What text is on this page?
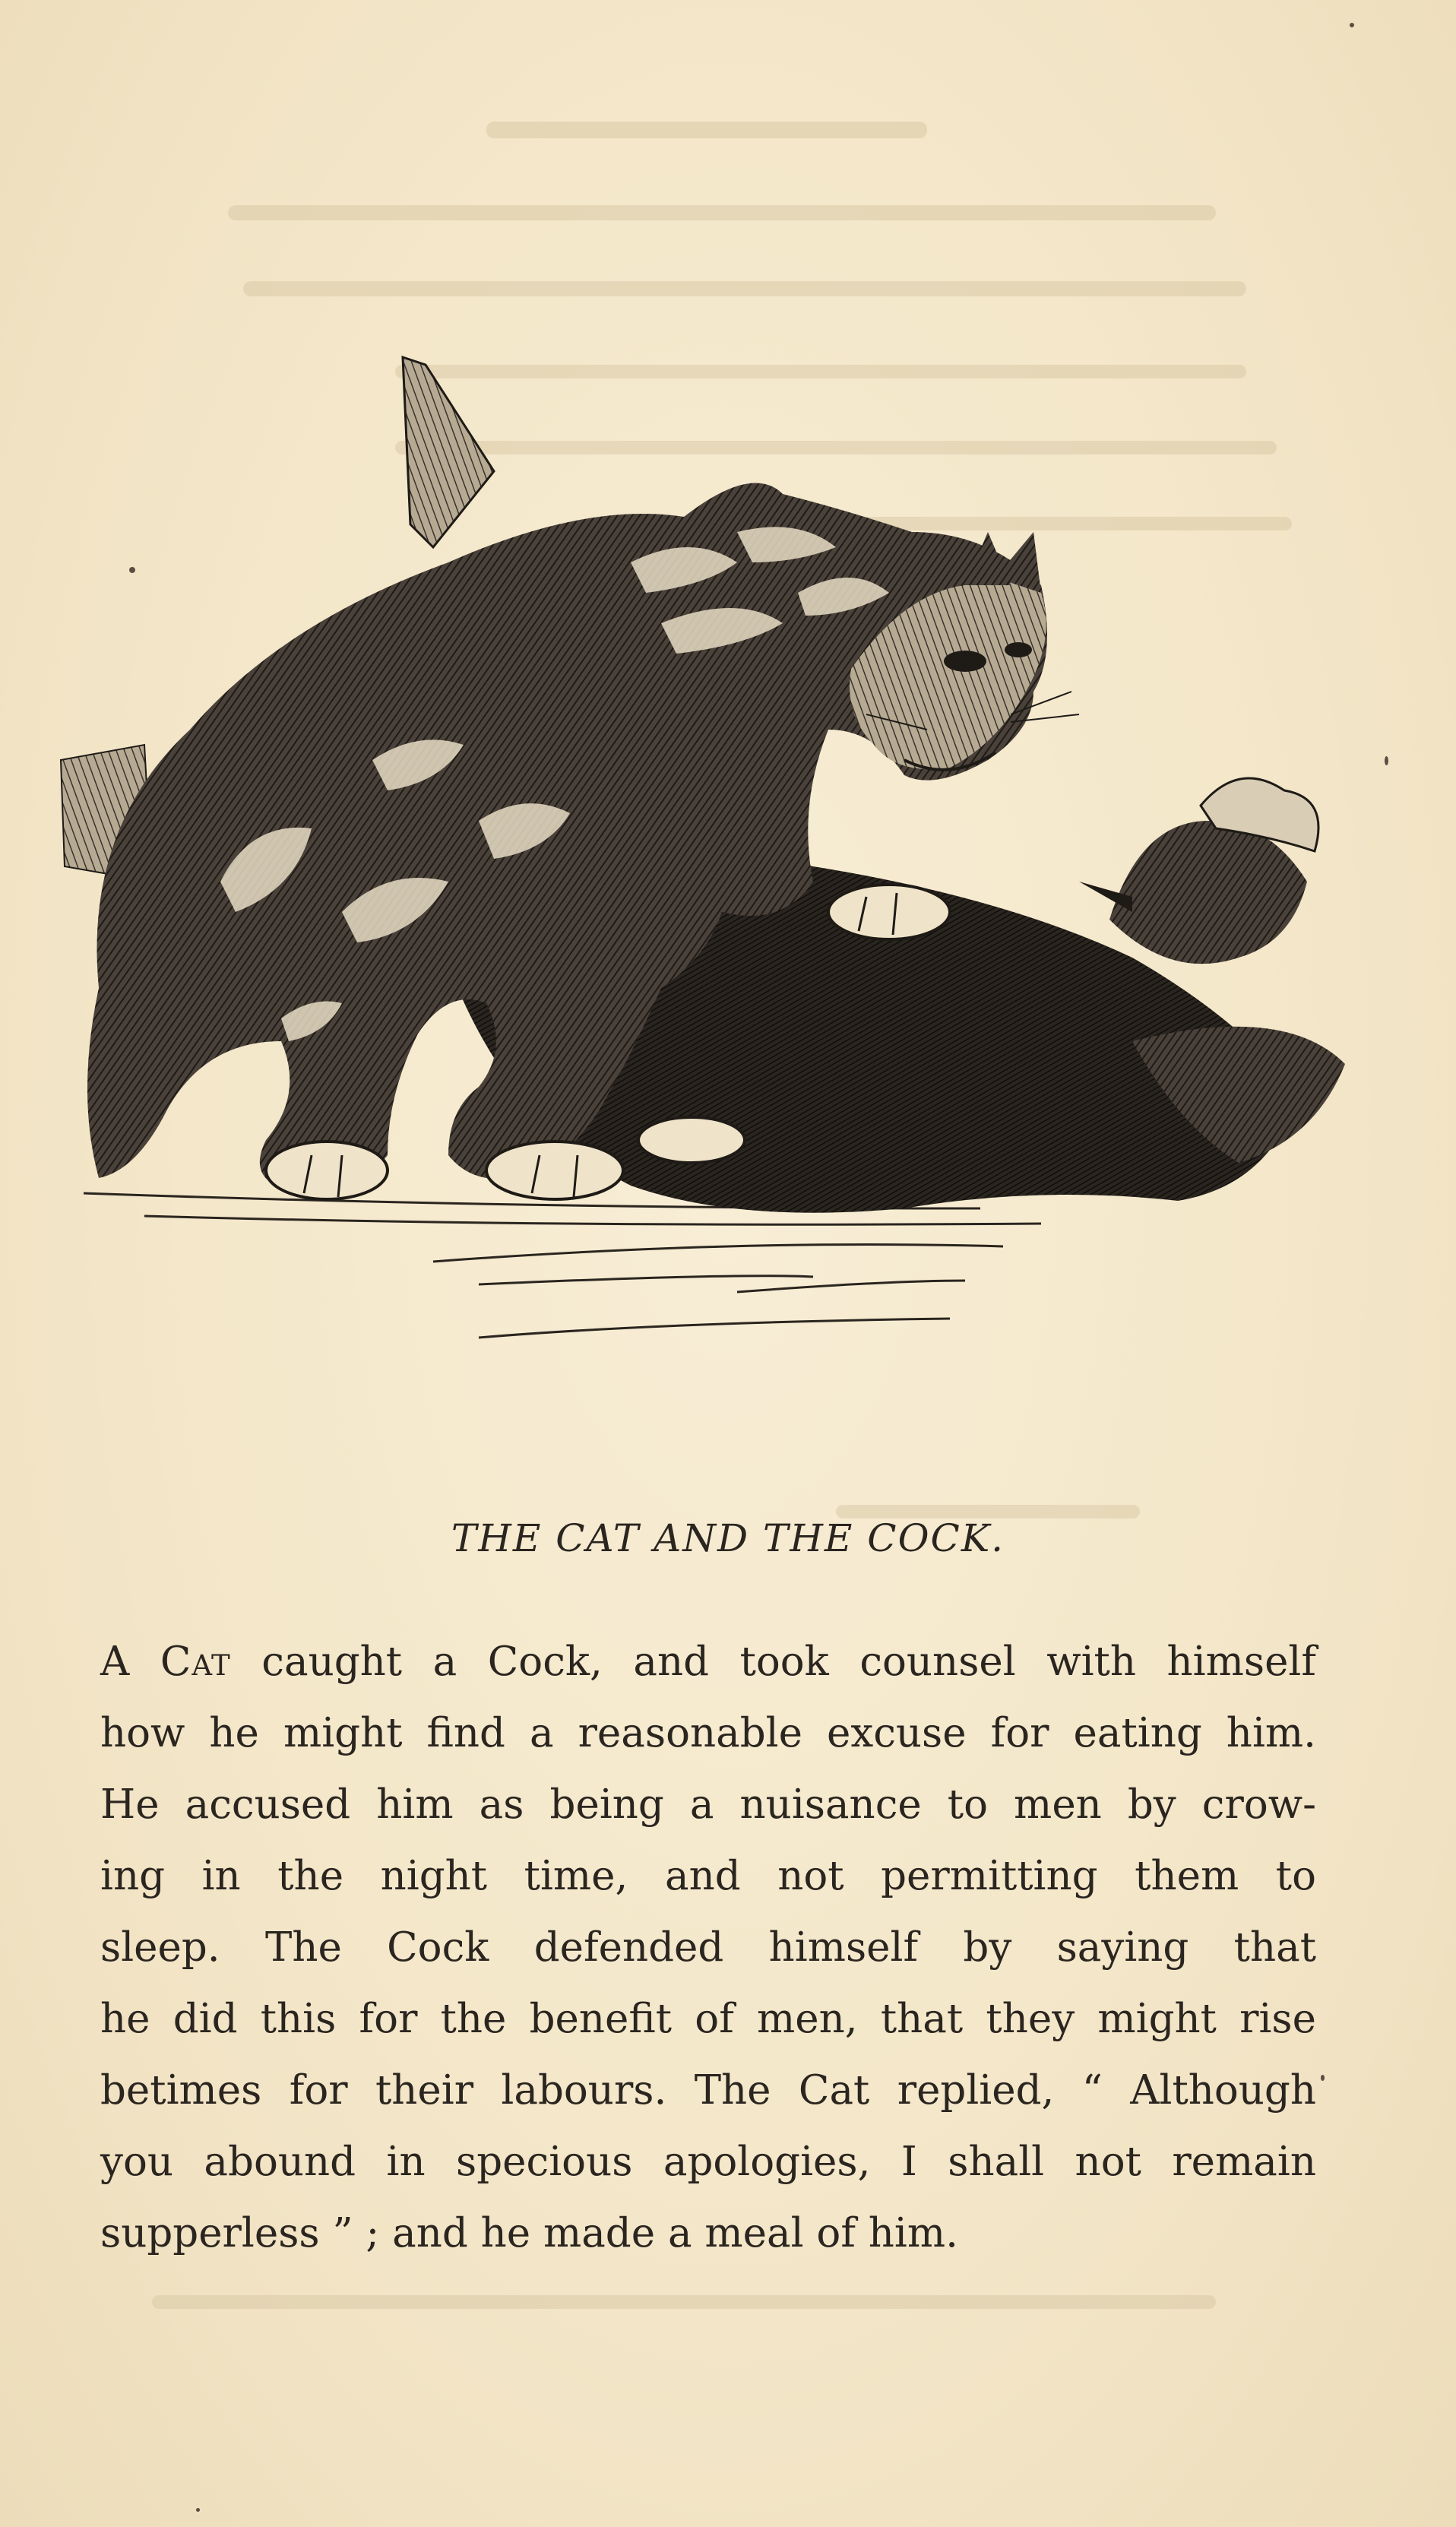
THE CAT AND THE COCK.
A Cat caught a Cock, and took counsel with himself
how he might find a reasonable excuse for eating him.
He accused him as being a nuisance to men by crow-
ing in the night time, and not permitting them to
sleep. The Cock defended himself by saying that
he did this for the benefit of men, that they might rise
betimes for their labours. The Cat replied, “ Although
you abound in specious apologies, I shall not remain
supperless ” ; and he made a meal of him.
